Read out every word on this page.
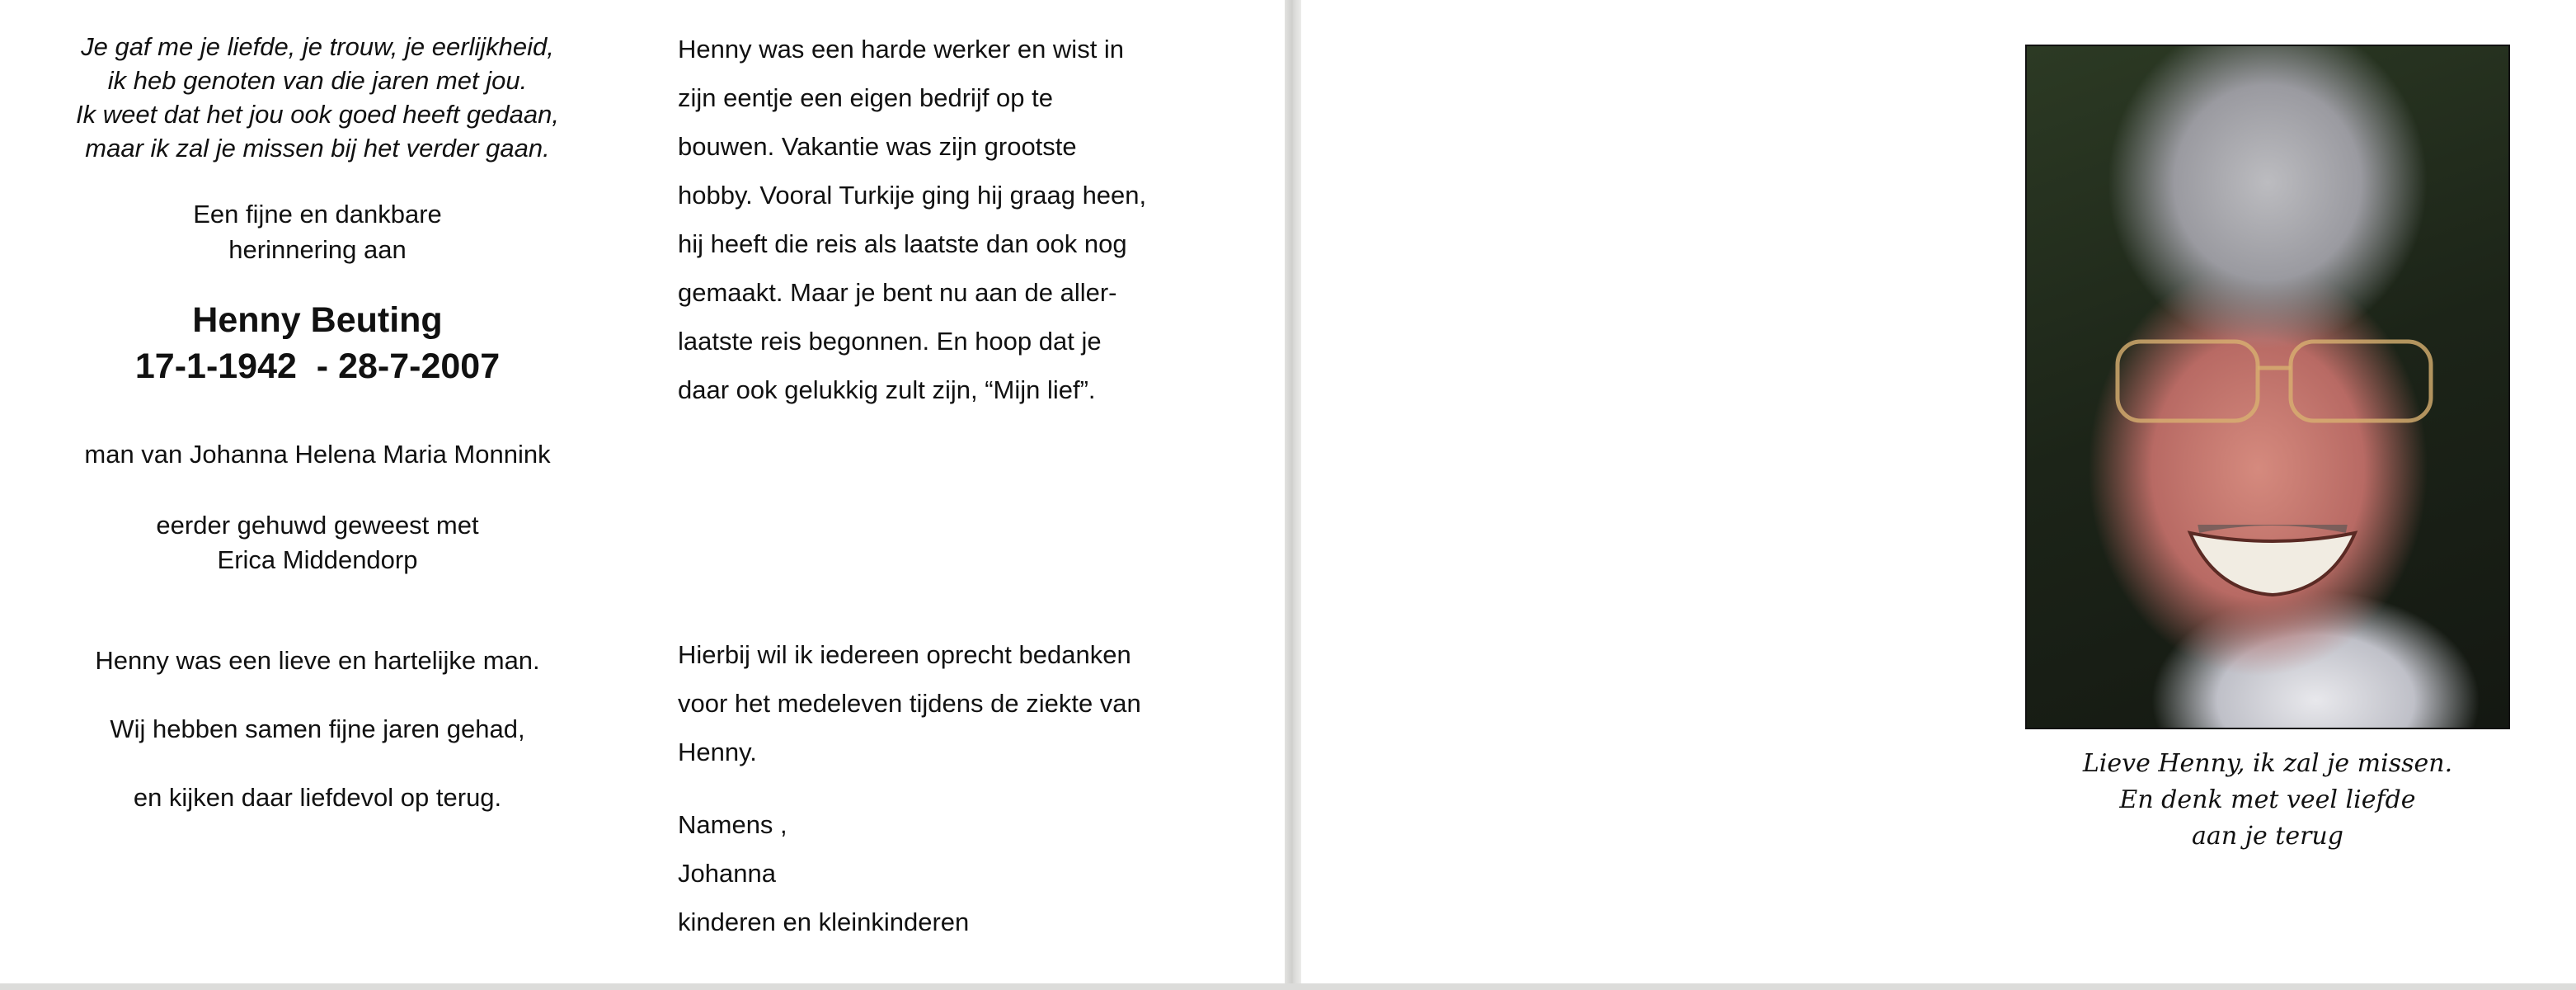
Je gaf me je liefde, je trouw, je eerlijkheid,
ik heb genoten van die jaren met jou.
Ik weet dat het jou ook goed heeft gedaan,
maar ik zal je missen bij het verder gaan.
Een fijne en dankbare
herinnering aan
Henny Beuting
17-1-1942  - 28-7-2007
man van Johanna Helena Maria Monnink
eerder gehuwd geweest met
Erica Middendorp
Henny was een lieve en hartelijke man.
Wij hebben samen fijne jaren gehad,
en kijken daar liefdevol op terug.
Henny was een harde werker en wist in
zijn eentje een eigen bedrijf op te
bouwen. Vakantie was zijn grootste
hobby. Vooral Turkije ging hij graag heen,
hij heeft die reis als laatste dan ook nog
gemaakt. Maar je bent nu aan de aller-
laatste reis begonnen. En hoop dat je
daar ook gelukkig zult zijn, “Mijn lief”.
Hierbij wil ik iedereen oprecht bedanken
voor het medeleven tijdens de ziekte van
Henny.
Namens ,
Johanna
kinderen en kleinkinderen
Lieve Henny, ik zal je missen.
En denk met veel liefde
aan je terug
